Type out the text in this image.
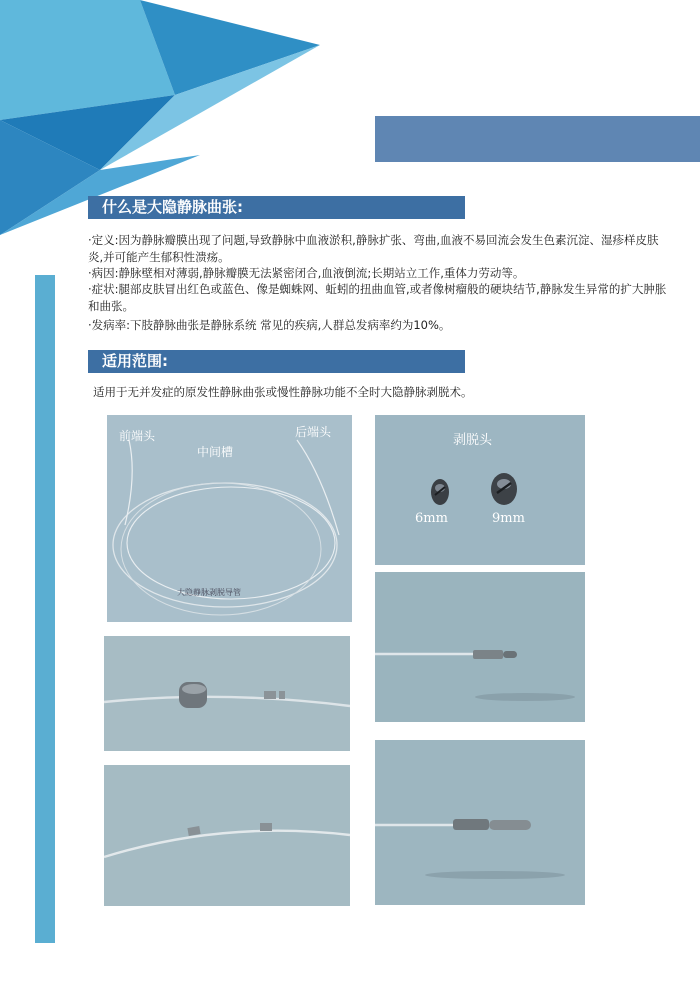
什么是大隐静脉曲张:

·定义:因为静脉瓣膜出现了问题,导致静脉中血液淤积,静脉扩张、弯曲,血液不易回流会发生色素沉淀、湿疹样皮肤炎,并可能产生郁积性溃疡。

·病因:静脉壁相对薄弱,静脉瓣膜无法紧密闭合,血液倒流;长期站立工作,重体力劳动等。

·症状:腿部皮肤冒出红色或蓝色、像是蜘蛛网、蚯蚓的扭曲血管,或者像树瘤般的硬块结节,静脉发生异常的扩大肿胀和曲张。

·发病率:下肢静脉曲张是静脉系统 常见的疾病,人群总发病率约为10%。

适用范围:
适用于无并发症的原发性静脉曲张或慢性静脉功能不全时大隐静脉剥脱术。
前端头
中间槽
后端头
大隐静脉剥脱导管
剥脱头
6mm	9mm
